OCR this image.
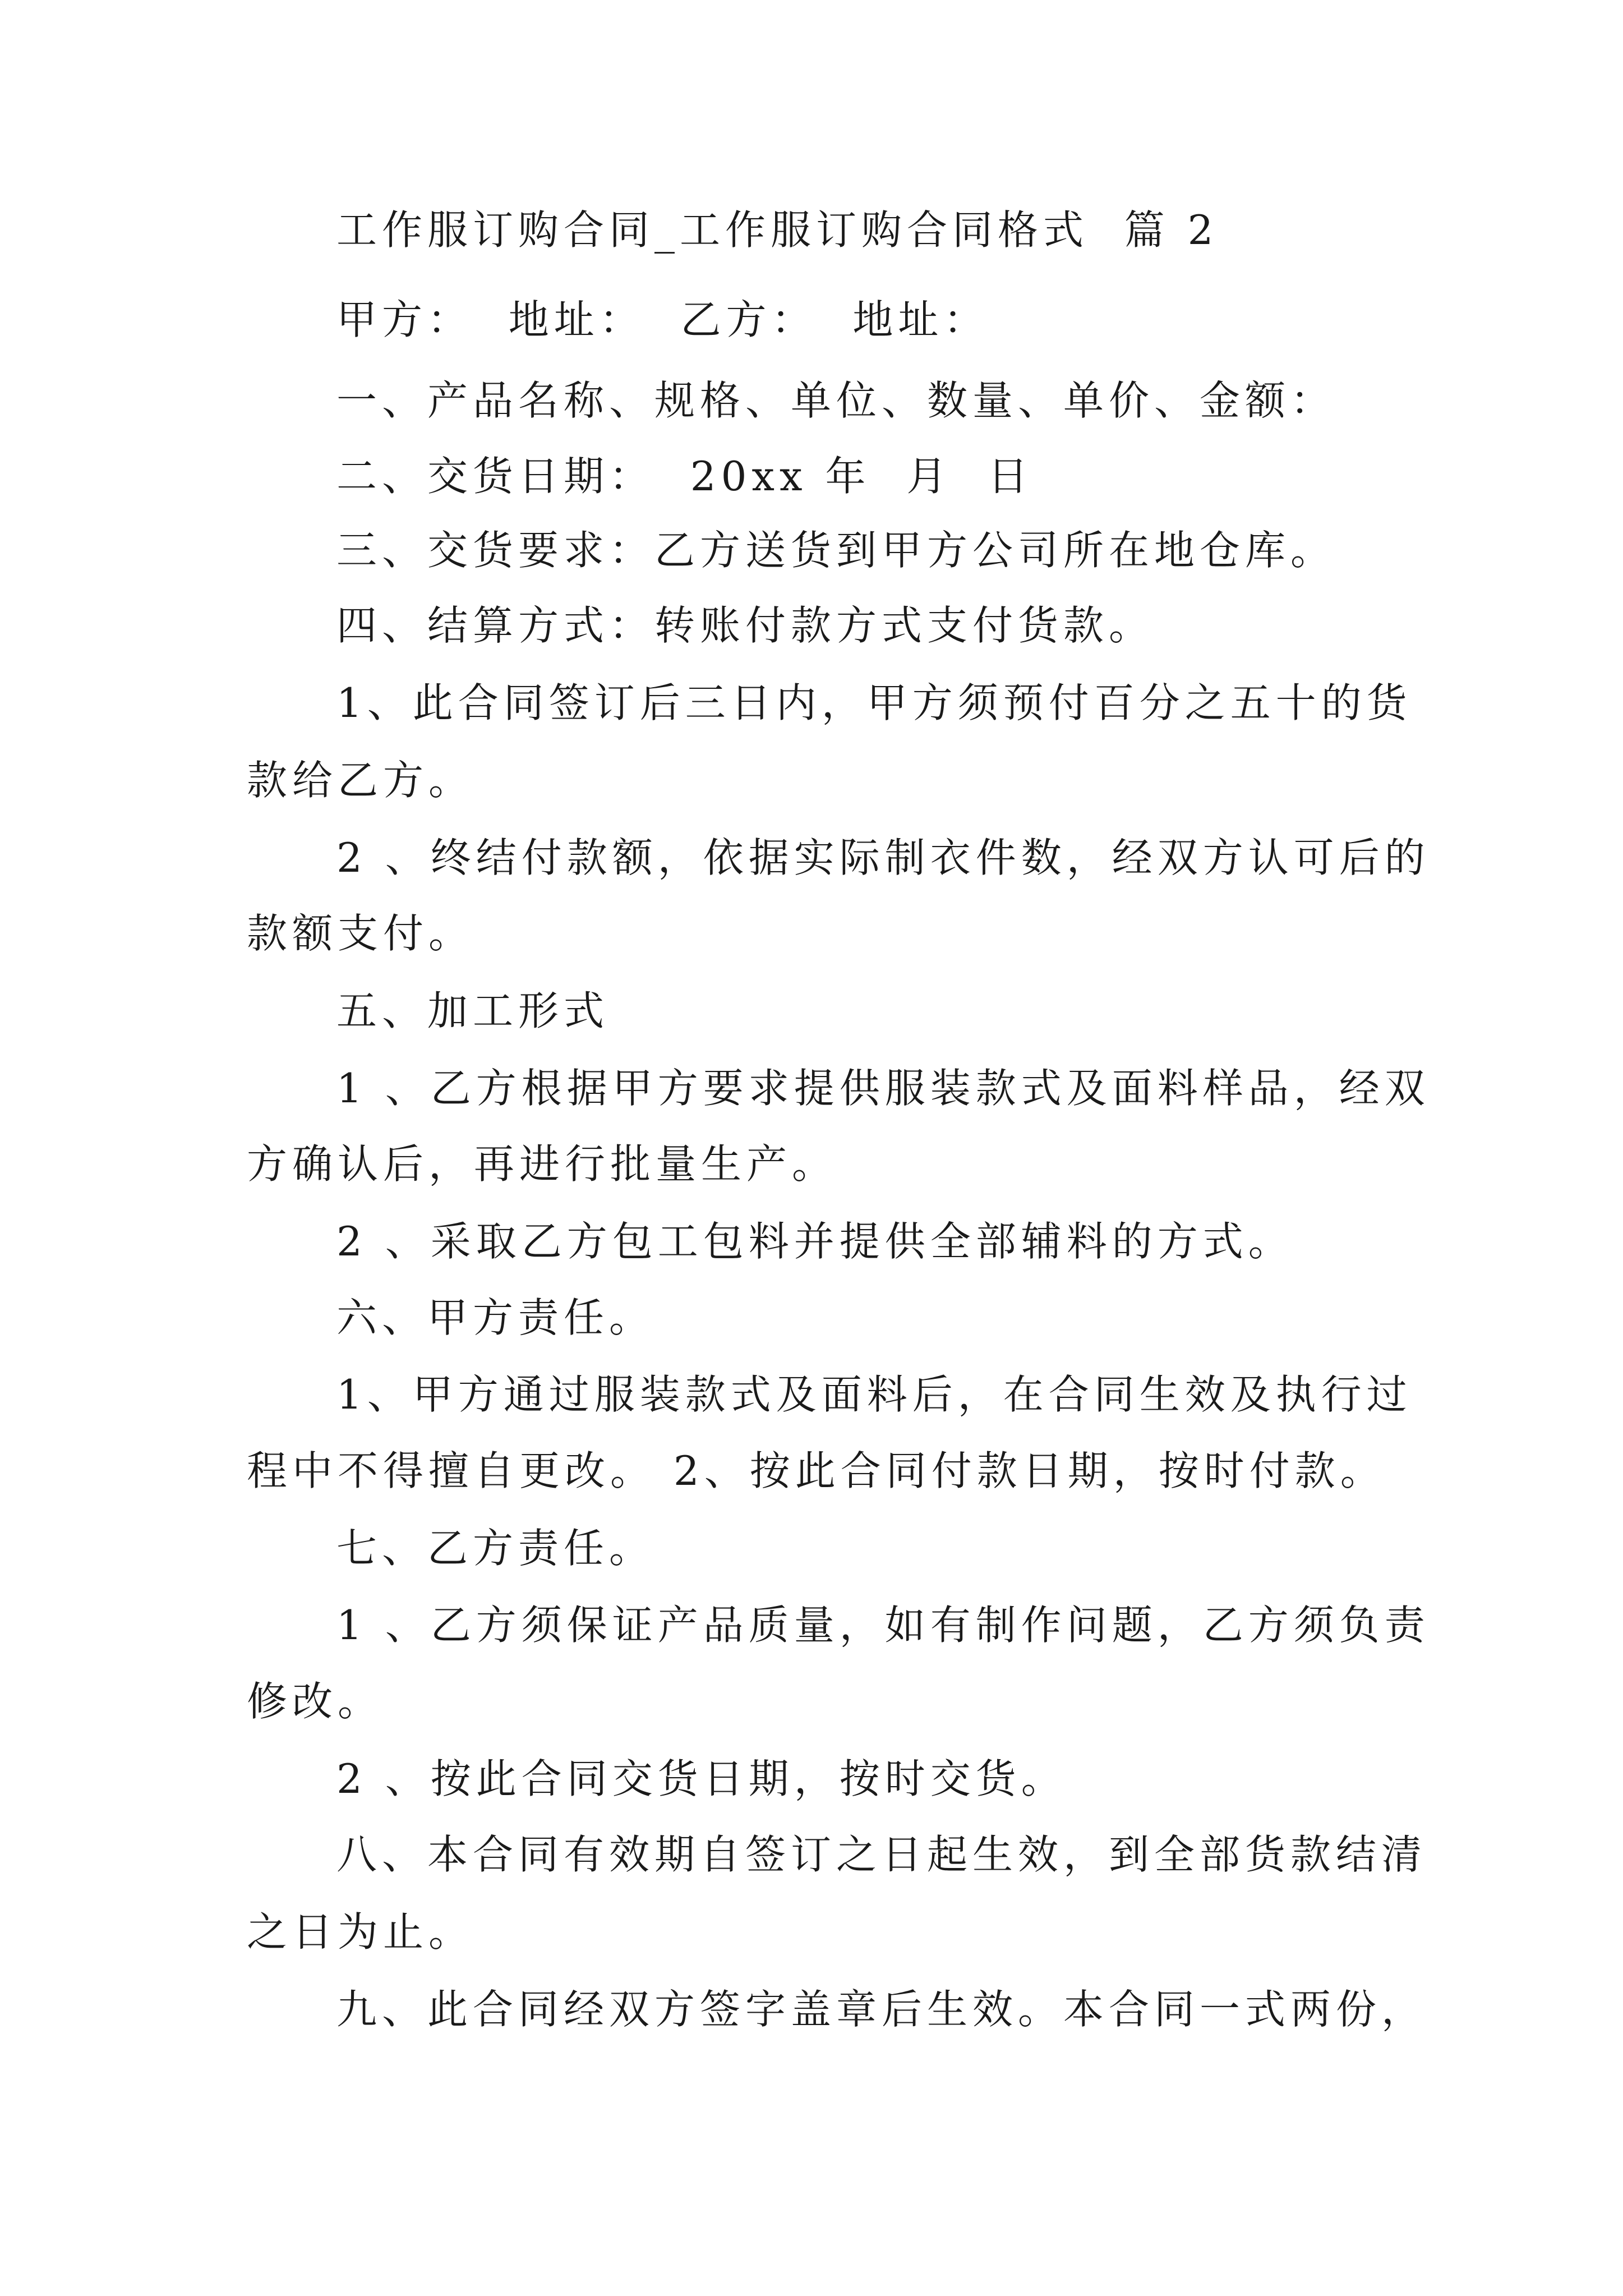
工作服订购合同_工作服订购合同格式  篇 2
甲方：  地址：  乙方：  地址：
一、产品名称、规格、单位、数量、单价、金额：
二、交货日期：  20xx 年  月  日
三、交货要求：乙方送货到甲方公司所在地仓库。
四、结算方式：转账付款方式支付货款。
1、此合同签订后三日内，甲方须预付百分之五十的货
款给乙方。
2 、终结付款额，依据实际制衣件数，经双方认可后的
款额支付。
五、加工形式
1 、乙方根据甲方要求提供服装款式及面料样品，经双
方确认后，再进行批量生产。
2 、采取乙方包工包料并提供全部辅料的方式。
六、甲方责任。
1、甲方通过服装款式及面料后，在合同生效及执行过
程中不得擅自更改。 2、按此合同付款日期，按时付款。
七、乙方责任。
1 、乙方须保证产品质量，如有制作问题，乙方须负责
修改。
2 、按此合同交货日期，按时交货。
八、本合同有效期自签订之日起生效，到全部货款结清
之日为止。
九、此合同经双方签字盖章后生效。本合同一式两份，
